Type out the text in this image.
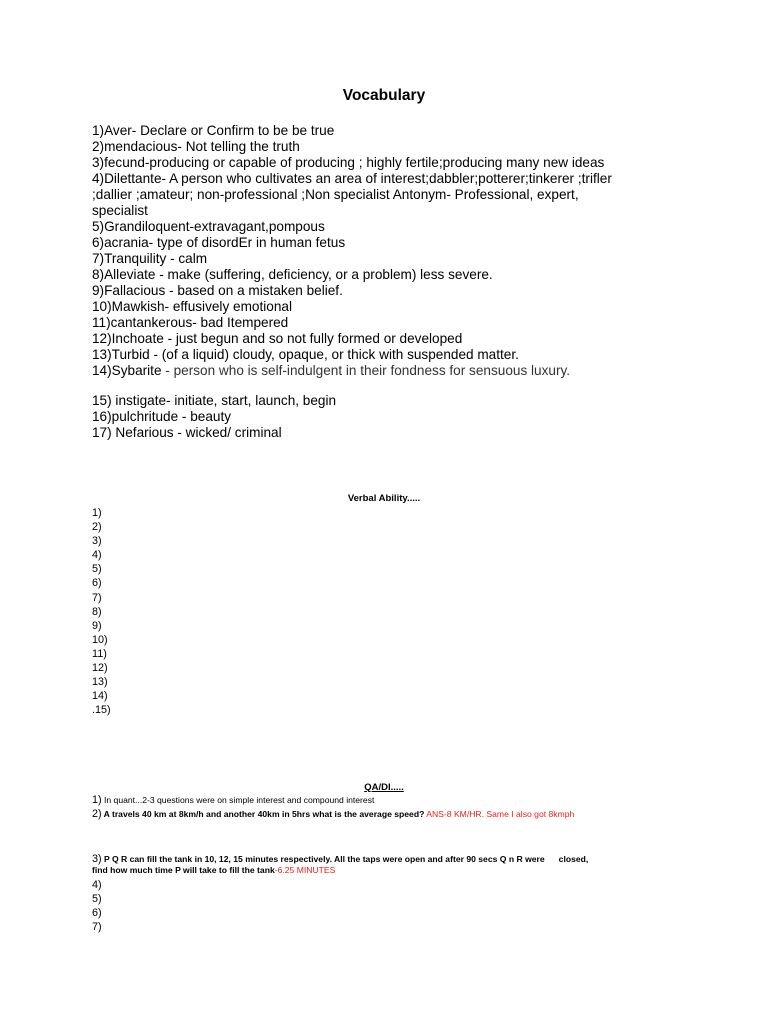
Vocabulary
1)Aver- Declare or Confirm to be be true
2)mendacious- Not telling the truth
3)fecund-producing or capable of producing ; highly fertile;producing many new ideas
4)Dilettante- A person who cultivates an area of interest;dabbler;potterer;tinkerer ;trifler
;dallier ;amateur; non-professional ;Non specialist Antonym- Professional, expert,
specialist
5)Grandiloquent-extravagant,pompous
6)acrania- type of disordEr in human fetus
7)Tranquility - calm
8)Alleviate - make (suffering, deficiency, or a problem) less severe.
9)Fallacious - based on a mistaken belief.
10)Mawkish- effusively emotional
11)cantankerous- bad Itempered
12)Inchoate - just begun and so not fully formed or developed
13)Turbid - (of a liquid) cloudy, opaque, or thick with suspended matter.
14)Sybarite - person who is self-indulgent in their fondness for sensuous luxury.
15) instigate- initiate, start, launch, begin
16)pulchritude - beauty
17) Nefarious - wicked/ criminal
Verbal Ability.....
1)
2)
3)
4)
5)
6)
7)
8)
9)
10)
11)
12)
13)
14)
.15)
QA/DI.....
1) In quant...2-3 questions were on simple interest and compound interest
2) A travels 40 km at 8km/h and another 40km in 5hrs what is the average speed? ANS-8 KM/HR. Same I also got 8kmph
3) P Q R can fill the tank in 10, 12, 15 minutes respectively. All the taps were open and after 90 secs Q n R were closed,
find how much time P will take to fill the tank-6.25 MINUTES
4)
5)
6)
7)
